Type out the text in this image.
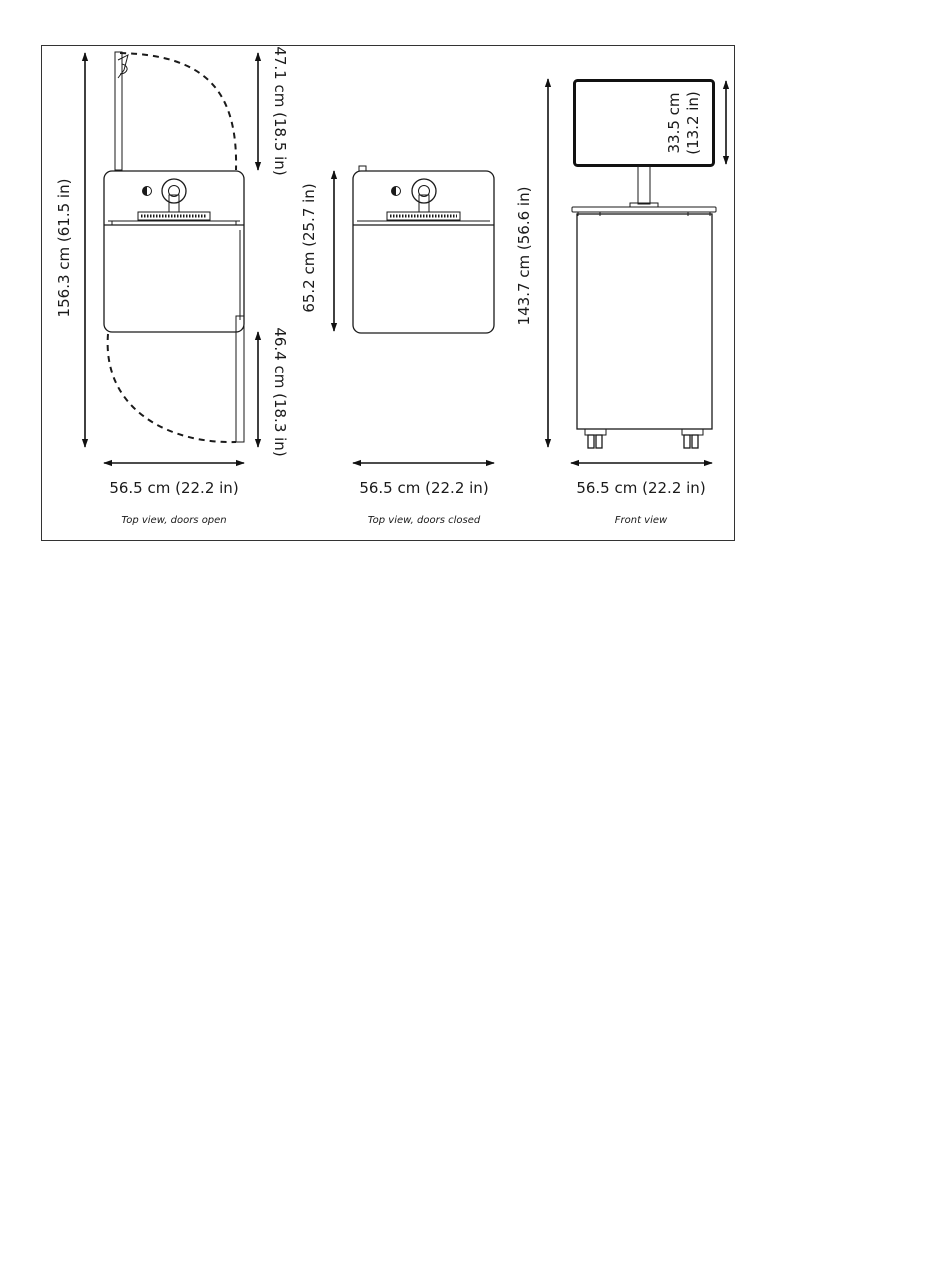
156.3 cm (61.5 in)
47.1 cm (18.5 in)
46.4 cm (18.3 in)
56.5 cm (22.2 in)
Top view, doors open
65.2 cm (25.7 in)
56.5 cm (22.2 in)
Top view, doors closed
143.7 cm (56.6 in)
33.5 cm (13.2 in)
56.5 cm (22.2 in)
Front view
